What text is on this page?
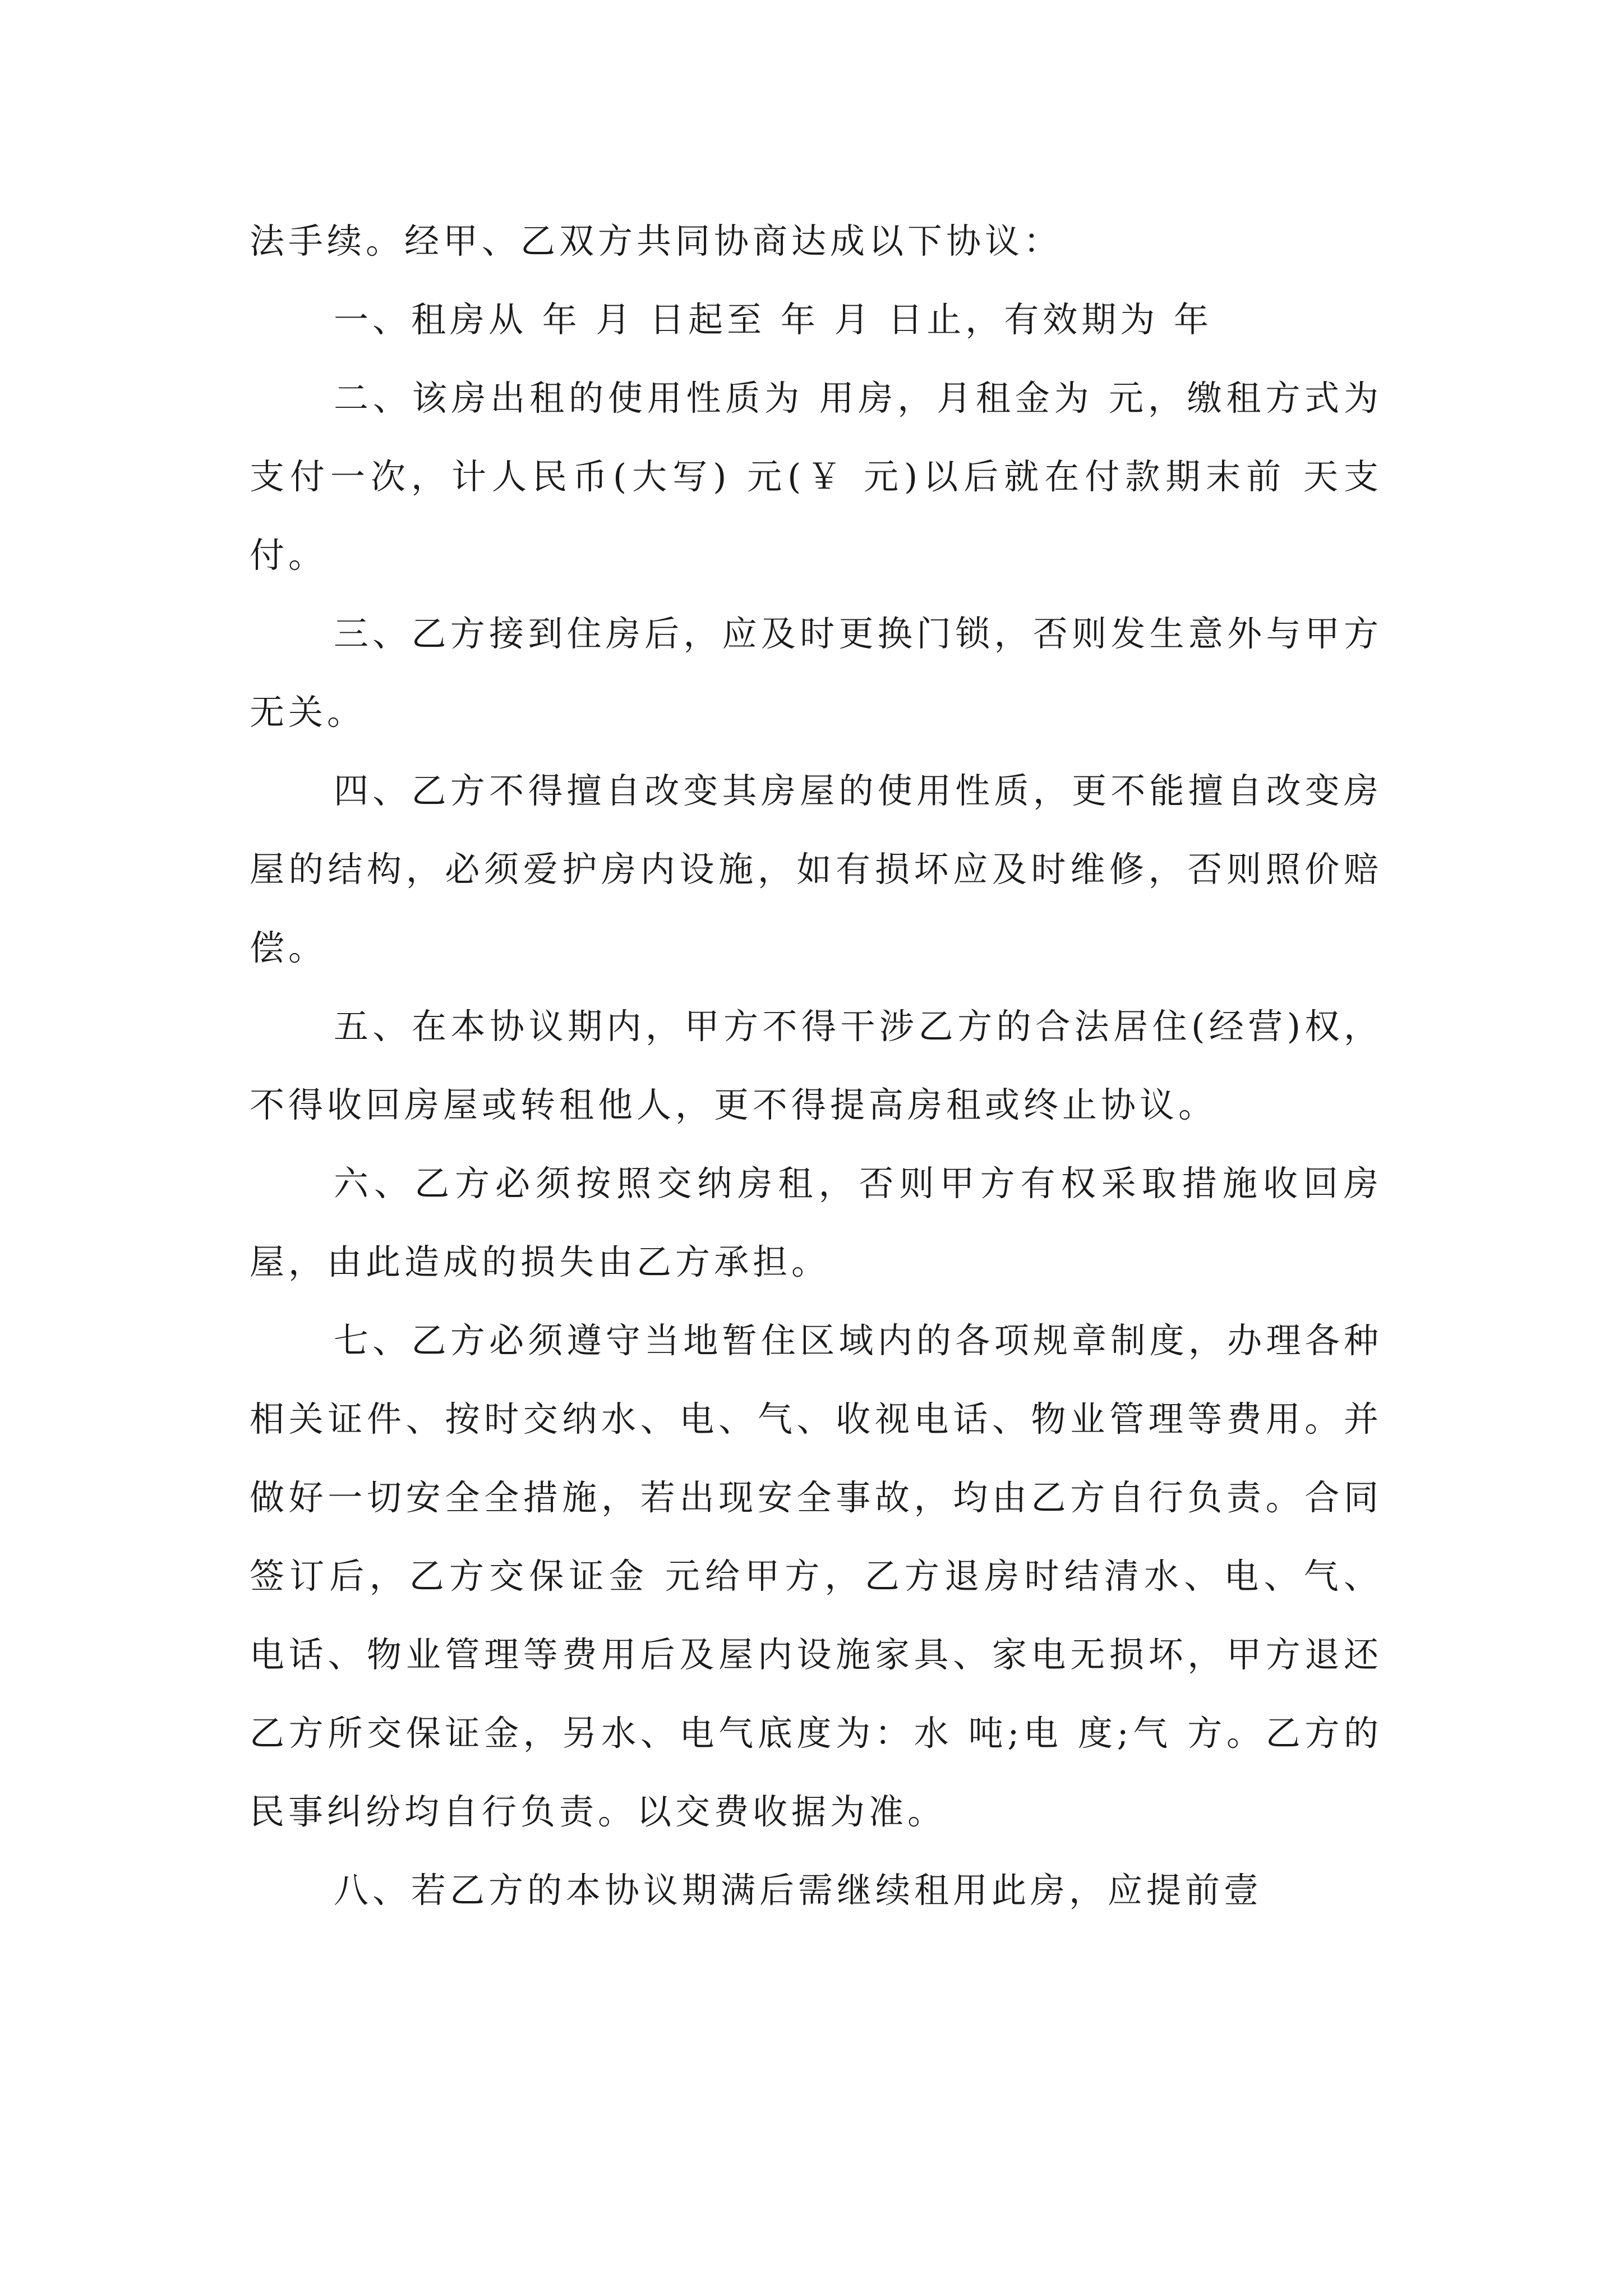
法手续。经甲、乙双方共同协商达成以下协议：

一、租房从 年 月 日起至 年 月 日止，有效期为 年

二、该房出租的使用性质为 用房，月租金为 元，缴租方式为 支付一次，计人民币(大写) 元(￥ 元)以后就在付款期末前 天支付。

三、乙方接到住房后，应及时更换门锁，否则发生意外与甲方无关。

四、乙方不得擅自改变其房屋的使用性质，更不能擅自改变房屋的结构，必须爱护房内设施，如有损坏应及时维修，否则照价赔偿。

五、在本协议期内，甲方不得干涉乙方的合法居住(经营)权，不得收回房屋或转租他人，更不得提高房租或终止协议。

六、乙方必须按照交纳房租，否则甲方有权采取措施收回房屋，由此造成的损失由乙方承担。

七、乙方必须遵守当地暂住区域内的各项规章制度，办理各种相关证件、按时交纳水、电、气、收视电话、物业管理等费用。并做好一切安全全措施，若出现安全事故，均由乙方自行负责。合同签订后，乙方交保证金 元给甲方，乙方退房时结清水、电、气、电话、物业管理等费用后及屋内设施家具、家电无损坏，甲方退还乙方所交保证金，另水、电气底度为：水 吨;电 度;气 方。乙方的民事纠纷均自行负责。以交费收据为准。

八、若乙方的本协议期满后需继续租用此房，应提前壹
